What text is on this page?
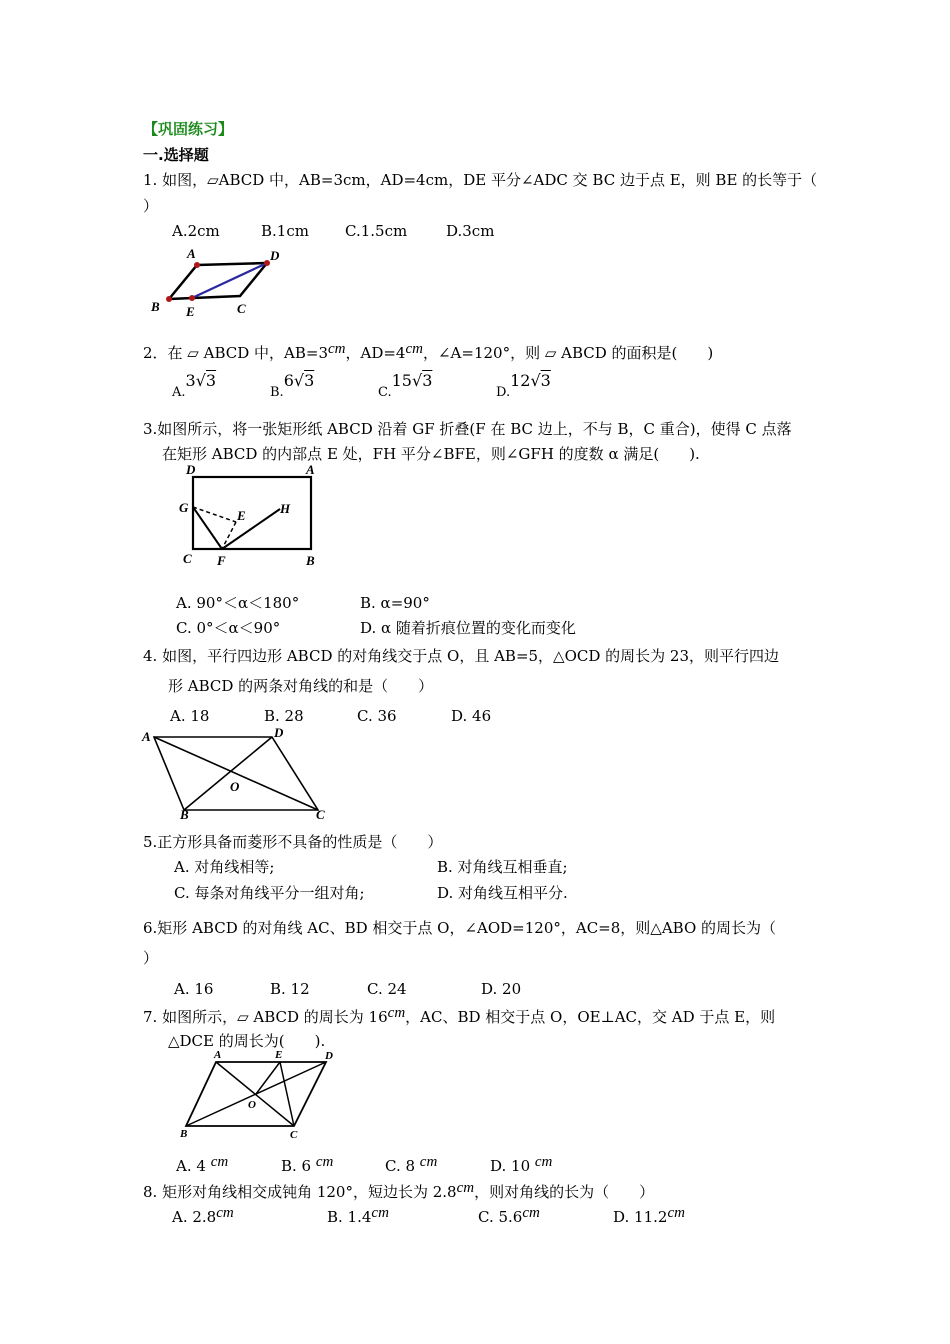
【巩固练习】
一.选择题
1. 如图，▱ABCD 中，AB=3cm，AD=4cm，DE 平分∠ADC 交 BC 边于点 E，则 BE 的长等于（
）
A.2cm	B.1cm C.1.5cm	D.3cm
A	D
B E	C
2．在 ▱ ABCD 中，AB=3cm，AD=4cm，∠A=120°，则 ▱ ABCD 的面积是(　　)
A.3√3
B.6√3
C.15√3
D.12√3
3.如图所示，将一张矩形纸 ABCD 沿着 GF 折叠(F 在 BC 边上，不与 B，C 重合)，使得 C 点落
在矩形 ABCD 的内部点 E 处，FH 平分∠BFE，则∠GFH 的度数 α 满足(　　).
D	A
G
E	H
C F	B
A. 90°＜α＜180°	B. α=90°
C. 0°＜α＜90°	D. α 随着折痕位置的变化而变化
4. 如图，平行四边形 ABCD 的对角线交于点 O，且 AB=5，△OCD 的周长为 23，则平行四边
形 ABCD 的两条对角线的和是（　　）
A. 18	B. 28	C. 36	D. 46
A	D
O
B	C
5.正方形具备而菱形不具备的性质是（　　）
A. 对角线相等;	B. 对角线互相垂直;
C. 每条对角线平分一组对角;	D. 对角线互相平分.
6.矩形 ABCD 的对角线 AC、BD 相交于点 O，∠AOD=120°，AC=8，则△ABO 的周长为（
）
A. 16	B. 12	C. 24	D. 20
7. 如图所示，▱ ABCD 的周长为 16cm，AC、BD 相交于点 O，OE⊥AC，交 AD 于点 E，则
△DCE 的周长为(　　).
A	E	D
O
B	C
A. 4 cm	B. 6 cm	C. 8 cm	D. 10 cm
8. 矩形对角线相交成钝角 120°，短边长为 2.8cm，则对角线的长为（　　）
A. 2.8cm	B. 1.4cm	C. 5.6cm	D. 11.2cm
